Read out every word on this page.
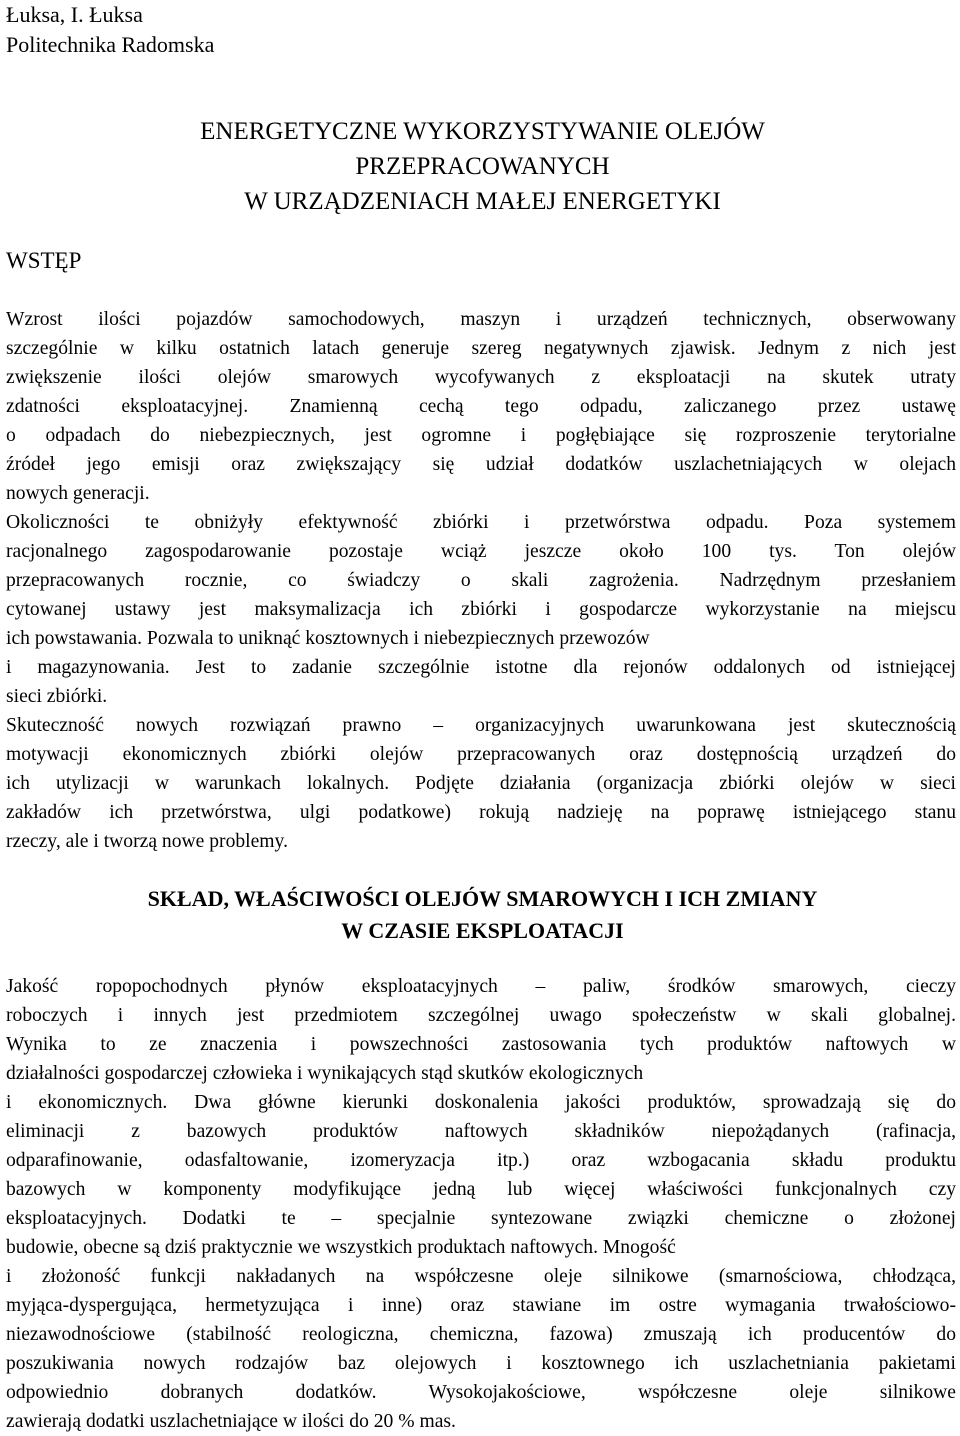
Łuksa, I. Łuksa
Politechnika Radomska
ENERGETYCZNE WYKORZYSTYWANIE OLEJÓW
PRZEPRACOWANYCH
W URZĄDZENIACH MAŁEJ ENERGETYKI
WSTĘP
Wzrost ilości pojazdów samochodowych, maszyn i urządzeń technicznych, obserwowany
szczególnie w kilku ostatnich latach generuje szereg negatywnych zjawisk. Jednym z nich jest
zwiększenie ilości olejów smarowych wycofywanych z eksploatacji na skutek utraty
zdatności eksploatacyjnej. Znamienną cechą tego odpadu, zaliczanego przez ustawę
o odpadach do niebezpiecznych, jest ogromne i pogłębiające się rozproszenie terytorialne
źródeł jego emisji oraz zwiększający się udział dodatków uszlachetniających w olejach
nowych generacji.
Okoliczności te obniżyły efektywność zbiórki i przetwórstwa odpadu. Poza systemem
racjonalnego zagospodarowanie pozostaje wciąż jeszcze około 100 tys. Ton olejów
przepracowanych rocznie, co świadczy o skali zagrożenia. Nadrzędnym przesłaniem
cytowanej ustawy jest maksymalizacja ich zbiórki i gospodarcze wykorzystanie na miejscu
ich powstawania. Pozwala to uniknąć kosztownych i niebezpiecznych przewozów
i magazynowania. Jest to zadanie szczególnie istotne dla rejonów oddalonych od istniejącej
sieci zbiórki.
Skuteczność nowych rozwiązań prawno – organizacyjnych uwarunkowana jest skutecznością
motywacji ekonomicznych zbiórki olejów przepracowanych oraz dostępnością urządzeń do
ich utylizacji w warunkach lokalnych. Podjęte działania (organizacja zbiórki olejów w sieci
zakładów ich przetwórstwa, ulgi podatkowe) rokują nadzieję na poprawę istniejącego stanu
rzeczy, ale i tworzą nowe problemy.
SKŁAD, WŁAŚCIWOŚCI OLEJÓW SMAROWYCH I ICH ZMIANY
W CZASIE EKSPLOATACJI
Jakość ropopochodnych płynów eksploatacyjnych – paliw, środków smarowych, cieczy
roboczych i innych jest przedmiotem szczególnej uwago społeczeństw w skali globalnej.
Wynika to ze znaczenia i powszechności zastosowania tych produktów naftowych w
działalności gospodarczej człowieka i wynikających stąd skutków ekologicznych
i ekonomicznych. Dwa główne kierunki doskonalenia jakości produktów, sprowadzają się do
eliminacji z bazowych produktów naftowych składników niepożądanych (rafinacja,
odparafinowanie, odasfaltowanie, izomeryzacja itp.) oraz wzbogacania składu produktu
bazowych w komponenty modyfikujące jedną lub więcej właściwości funkcjonalnych czy
eksploatacyjnych. Dodatki te – specjalnie syntezowane związki chemiczne o złożonej
budowie, obecne są dziś praktycznie we wszystkich produktach naftowych. Mnogość
i złożoność funkcji nakładanych na współczesne oleje silnikowe (smarnościowa, chłodząca,
myjąca-dyspergująca, hermetyzująca i inne) oraz stawiane im ostre wymagania trwałościowo-
niezawodnościowe (stabilność reologiczna, chemiczna, fazowa) zmuszają ich producentów do
poszukiwania nowych rodzajów baz olejowych i kosztownego ich uszlachetniania pakietami
odpowiednio dobranych dodatków. Wysokojakościowe, współczesne oleje silnikowe
zawierają dodatki uszlachetniające w ilości do 20 % mas.
